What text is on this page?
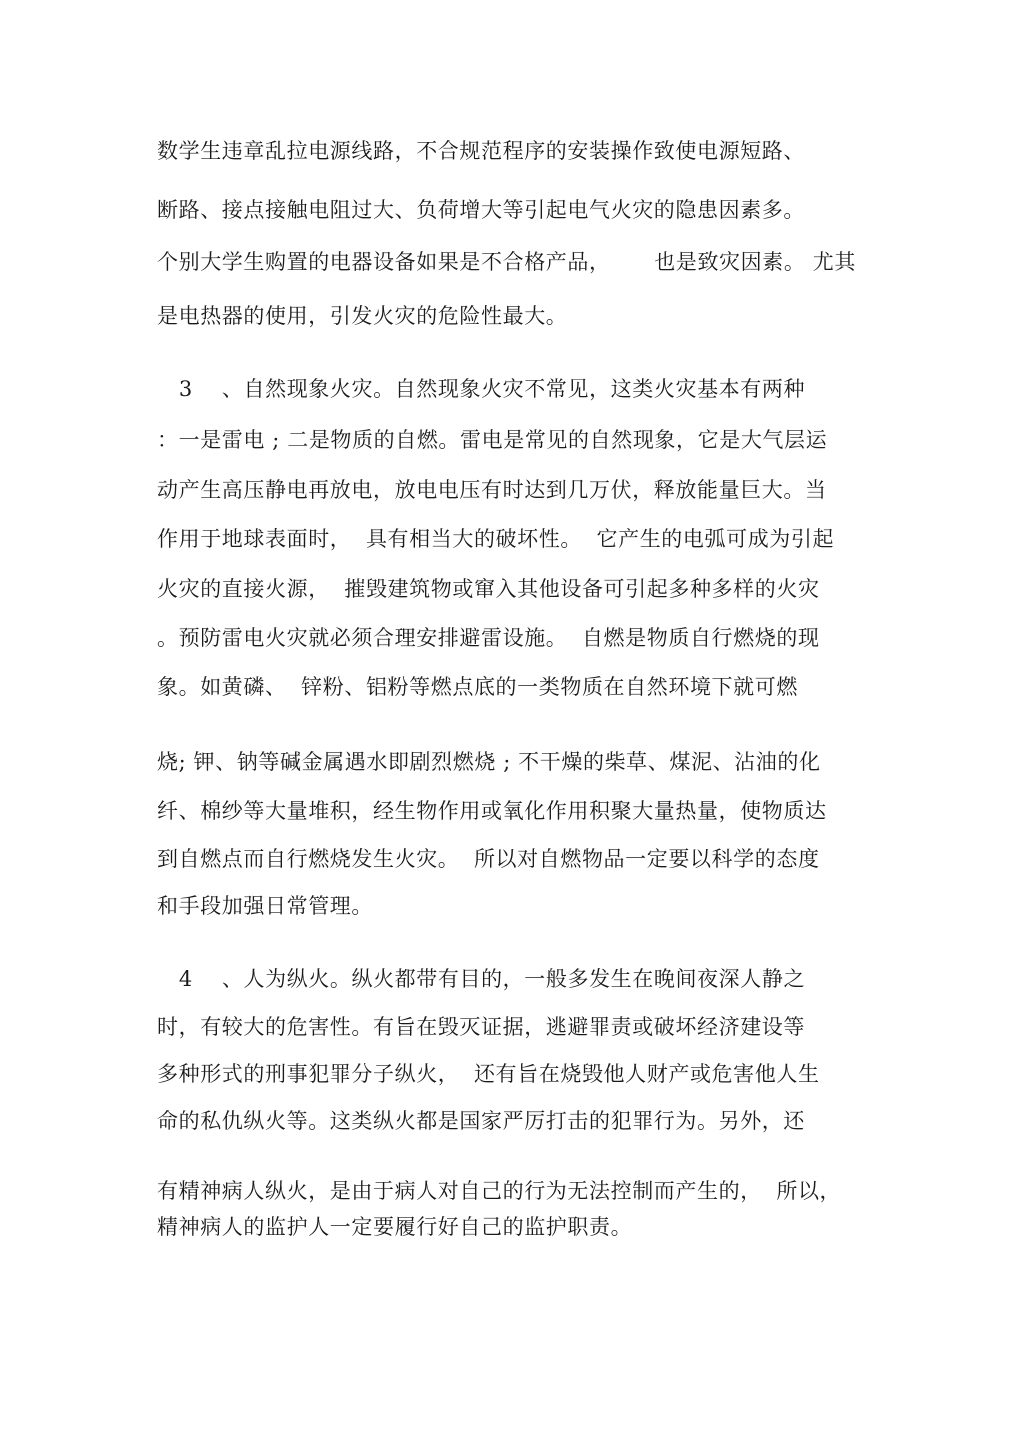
数学生违章乱拉电源线路，不合规范程序的安装操作致使电源短路、
断路、接点接触电阻过大、负荷增大等引起电气火灾的隐患因素多。
个别大学生购置的电器设备如果是不合格产品，      也是致灾因素。 尤其
是电热器的使用，引发火灾的危险性最大。
3    、自然现象火灾。自然现象火灾不常见，这类火灾基本有两种
：一是雷电 ; 二是物质的自燃。雷电是常见的自然现象，它是大气层运
动产生高压静电再放电，放电电压有时达到几万伏，释放能量巨大。当
作用于地球表面时，  具有相当大的破坏性。  它产生的电弧可成为引起
火灾的直接火源，  摧毁建筑物或窜入其他设备可引起多种多样的火灾
。预防雷电火灾就必须合理安排避雷设施。  自燃是物质自行燃烧的现
象。如黄磷、  锌粉、铝粉等燃点底的一类物质在自然环境下就可燃
烧; 钾、钠等碱金属遇水即剧烈燃烧 ; 不干燥的柴草、煤泥、沾油的化
纤、棉纱等大量堆积，经生物作用或氧化作用积聚大量热量，使物质达
到自燃点而自行燃烧发生火灾。  所以对自燃物品一定要以科学的态度
和手段加强日常管理。
4    、人为纵火。纵火都带有目的，一般多发生在晚间夜深人静之
时，有较大的危害性。有旨在毁灭证据，逃避罪责或破坏经济建设等
多种形式的刑事犯罪分子纵火，  还有旨在烧毁他人财产或危害他人生
命的私仇纵火等。这类纵火都是国家严厉打击的犯罪行为。另外，还
有精神病人纵火，是由于病人对自己的行为无法控制而产生的，  所以，
精神病人的监护人一定要履行好自己的监护职责。
